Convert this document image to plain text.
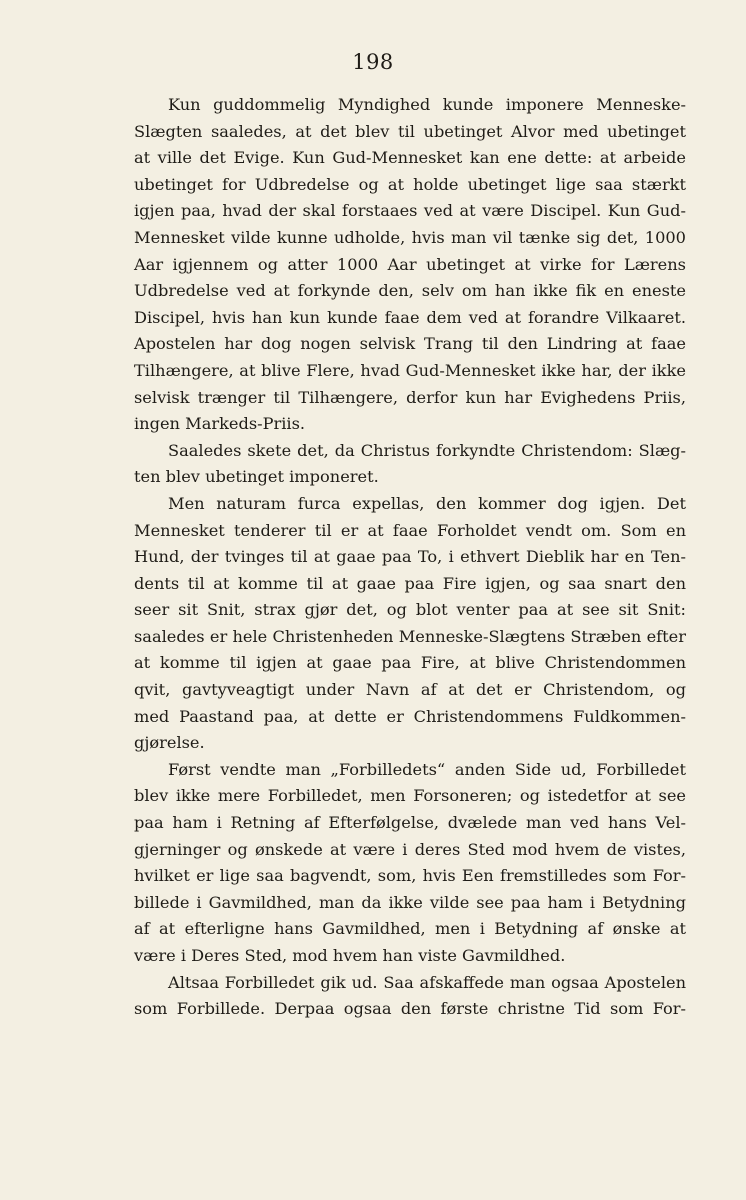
198
Kun guddommelig Myndighed kunde imponere Menneske-
Slægten saaledes, at det blev til ubetinget Alvor med ubetinget
at ville det Evige. Kun Gud-Mennesket kan ene dette: at arbeide
ubetinget for Udbredelse og at holde ubetinget lige saa stærkt
igjen paa, hvad der skal forstaaes ved at være Discipel. Kun Gud-
Mennesket vilde kunne udholde, hvis man vil tænke sig det, 1000
Aar igjennem og atter 1000 Aar ubetinget at virke for Lærens
Udbredelse ved at forkynde den, selv om han ikke fik en eneste
Discipel, hvis han kun kunde faae dem ved at forandre Vilkaaret.
Apostelen har dog nogen selvisk Trang til den Lindring at faae
Tilhængere, at blive Flere, hvad Gud-Mennesket ikke har, der ikke
selvisk trænger til Tilhængere, derfor kun har Evighedens Priis,
ingen Markeds-Priis.
Saaledes skete det, da Christus forkyndte Christendom: Slæg-
ten blev ubetinget imponeret.
Men naturam furca expellas, den kommer dog igjen. Det
Mennesket tenderer til er at faae Forholdet vendt om. Som en
Hund, der tvinges til at gaae paa To, i ethvert Dieblik har en Ten-
dents til at komme til at gaae paa Fire igjen, og saa snart den
seer sit Snit, strax gjør det, og blot venter paa at see sit Snit:
saaledes er hele Christenheden Menneske-Slægtens Stræben efter
at komme til igjen at gaae paa Fire, at blive Christendommen
qvit, gavtyveagtigt under Navn af at det er Christendom, og
med Paastand paa, at dette er Christendommens Fuldkommen-
gjørelse.
Først vendte man „Forbilledets“ anden Side ud, Forbilledet
blev ikke mere Forbilledet, men Forsoneren; og istedetfor at see
paa ham i Retning af Efterfølgelse, dvælede man ved hans Vel-
gjerninger og ønskede at være i deres Sted mod hvem de vistes,
hvilket er lige saa bagvendt, som, hvis Een fremstilledes som For-
billede i Gavmildhed, man da ikke vilde see paa ham i Betydning
af at efterligne hans Gavmildhed, men i Betydning af ønske at
være i Deres Sted, mod hvem han viste Gavmildhed.
Altsaa Forbilledet gik ud. Saa afskaffede man ogsaa Apostelen
som Forbillede. Derpaa ogsaa den første christne Tid som For-
